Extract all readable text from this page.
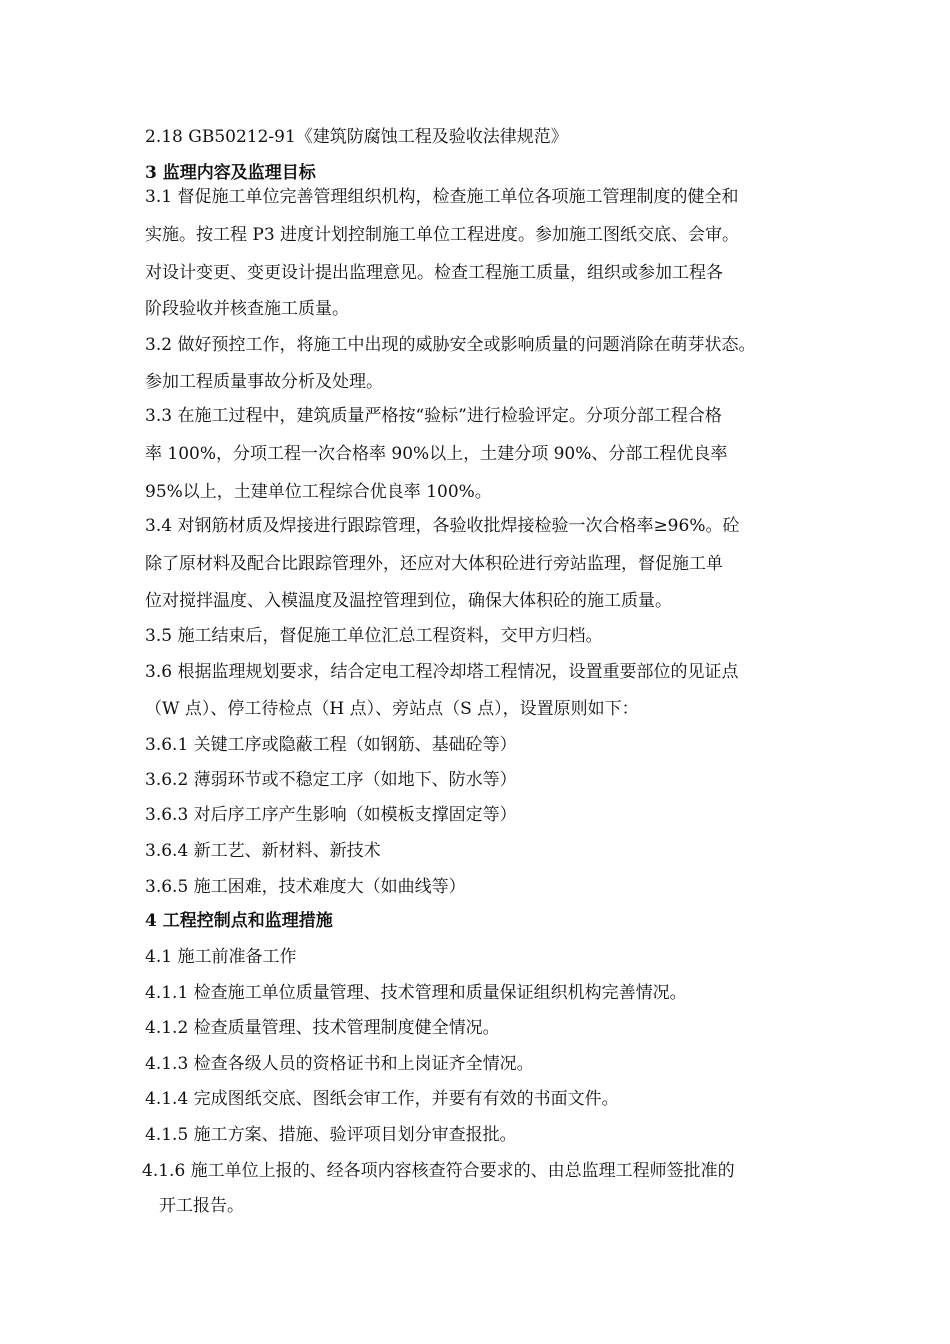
2.18 GB50212-91《建筑防腐蚀工程及验收法律规范》
3 监理内容及监理目标
3.1 督促施工单位完善管理组织机构，检查施工单位各项施工管理制度的健全和
实施。按工程 P3 进度计划控制施工单位工程进度。参加施工图纸交底、会审。
对设计变更、变更设计提出监理意见。检查工程施工质量，组织或参加工程各
阶段验收并核查施工质量。
3.2 做好预控工作，将施工中出现的威胁安全或影响质量的问题消除在萌芽状态。
参加工程质量事故分析及处理。
3.3 在施工过程中，建筑质量严格按“验标”进行检验评定。分项分部工程合格
率 100%，分项工程一次合格率 90%以上，土建分项 90%、分部工程优良率
95%以上，土建单位工程综合优良率 100%。
3.4 对钢筋材质及焊接进行跟踪管理，各验收批焊接检验一次合格率≥96%。砼
除了原材料及配合比跟踪管理外，还应对大体积砼进行旁站监理，督促施工单
位对搅拌温度、入模温度及温控管理到位，确保大体积砼的施工质量。
3.5 施工结束后，督促施工单位汇总工程资料，交甲方归档。
3.6 根据监理规划要求，结合定电工程冷却塔工程情况，设置重要部位的见证点
（W 点）、停工待检点（H 点）、旁站点（S 点），设置原则如下：
3.6.1 关键工序或隐蔽工程（如钢筋、基础砼等）
3.6.2 薄弱环节或不稳定工序（如地下、防水等）
3.6.3 对后序工序产生影响（如模板支撑固定等）
3.6.4 新工艺、新材料、新技术
3.6.5 施工困难，技术难度大（如曲线等）
4 工程控制点和监理措施
4.1 施工前准备工作
4.1.1 检查施工单位质量管理、技术管理和质量保证组织机构完善情况。
4.1.2 检查质量管理、技术管理制度健全情况。
4.1.3 检查各级人员的资格证书和上岗证齐全情况。
4.1.4 完成图纸交底、图纸会审工作，并要有有效的书面文件。
4.1.5 施工方案、措施、验评项目划分审查报批。
4.1.6 施工单位上报的、经各项内容核查符合要求的、由总监理工程师签批准的
开工报告。
